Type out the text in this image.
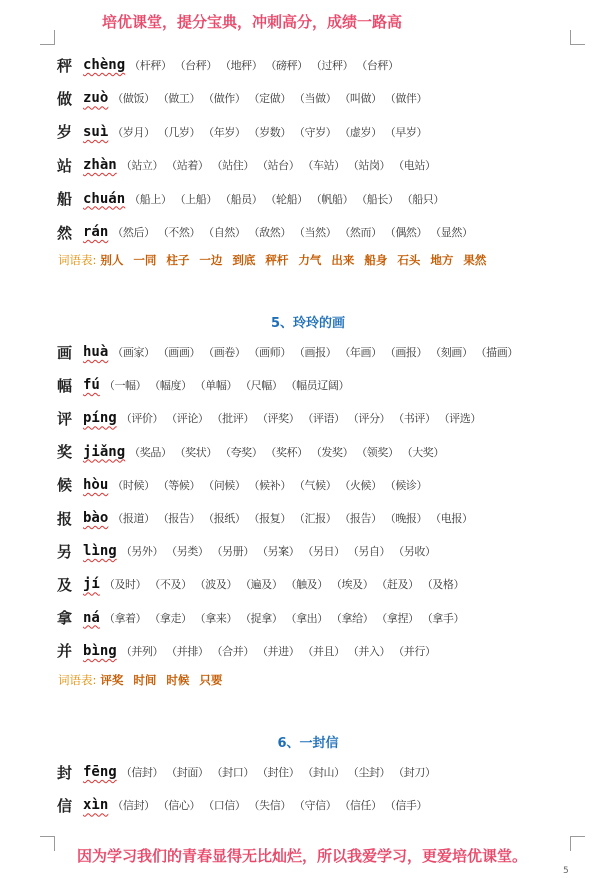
培优课堂，提分宝典，冲刺高分，成绩一路高
秤 chèng （杆秤） （台秤） （地秤） （磅秤） （过秤） （台秤）
做 zuò （做饭） （做工） （做作） （定做） （当做） （叫做） （做伴）
岁 suì （岁月） （几岁） （年岁） （岁数） （守岁） （虚岁） （早岁）
站 zhàn （站立） （站着） （站住） （站台） （车站） （站岗） （电站）
船 chuán （船上） （上船） （船员） （轮船） （帆船） （船长） （船只）
然 rán （然后） （不然） （自然） （敌然） （当然） （然而） （偶然） （显然）
词语表: 别人 一同 柱子 一边 到底 秤杆 力气 出来 船身 石头 地方 果然
5、玲玲的画
画 huà （画家） （画画） （画卷） （画师） （画报） （年画） （画报） （刻画） （描画）
幅 fú （一幅） （幅度） （单幅） （尺幅） （幅员辽阔）
评 píng （评价） （评论） （批评） （评奖） （评语） （评分） （书评） （评选）
奖 jiǎng （奖品） （奖状） （夸奖） （奖杯） （发奖） （领奖） （大奖）
候 hòu （时候） （等候） （问候） （候补） （气候） （火候） （候诊）
报 bào （报道） （报告） （报纸） （报复） （汇报） （报告） （晚报） （电报）
另 lìng （另外） （另类） （另册） （另案） （另日） （另自） （另收）
及 jí （及时） （不及） （波及） （遍及） （触及） （埃及） （赶及） （及格）
拿 ná （拿着） （拿走） （拿来） （捉拿） （拿出） （拿给） （拿捏） （拿手）
并 bìng （并列） （并排） （合并） （并进） （并且） （并入） （并行）
词语表: 评奖 时间 时候 只要
6、一封信
封 fēng （信封） （封面） （封口） （封住） （封山） （尘封） （封刀）
信 xìn （信封） （信心） （口信） （失信） （守信） （信任） （信手）
因为学习我们的青春显得无比灿烂，所以我爱学习，更爱培优课堂。
5
